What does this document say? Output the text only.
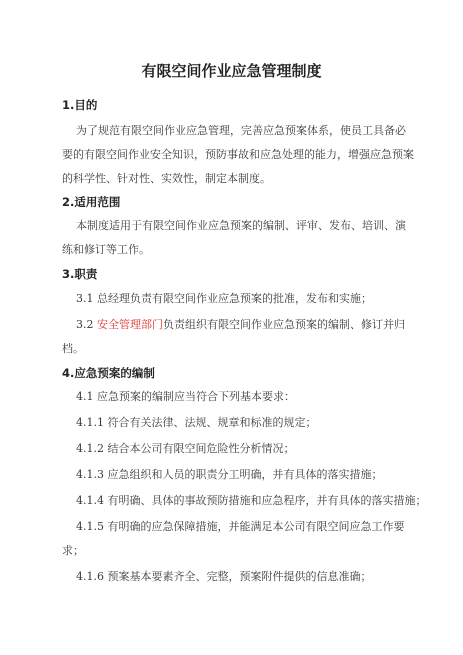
有限空间作业应急管理制度
1.目的
为了规范有限空间作业应急管理，完善应急预案体系，使员工具备必
要的有限空间作业安全知识，预防事故和应急处理的能力，增强应急预案
的科学性、针对性、实效性，制定本制度。
2.适用范围
本制度适用于有限空间作业应急预案的编制、评审、发布、培训、演
练和修订等工作。
3.职责
3.1 总经理负责有限空间作业应急预案的批准，发布和实施；
3.2 安全管理部门负责组织有限空间作业应急预案的编制、修订并归
档。
4.应急预案的编制
4.1 应急预案的编制应当符合下列基本要求：
4.1.1 符合有关法律、法规、规章和标准的规定；
4.1.2 结合本公司有限空间危险性分析情况；
4.1.3 应急组织和人员的职责分工明确，并有具体的落实措施；
4.1.4 有明确、具体的事故预防措施和应急程序，并有具体的落实措施；
4.1.5 有明确的应急保障措施，并能满足本公司有限空间应急工作要
求；
4.1.6 预案基本要素齐全、完整，预案附件提供的信息准确；
